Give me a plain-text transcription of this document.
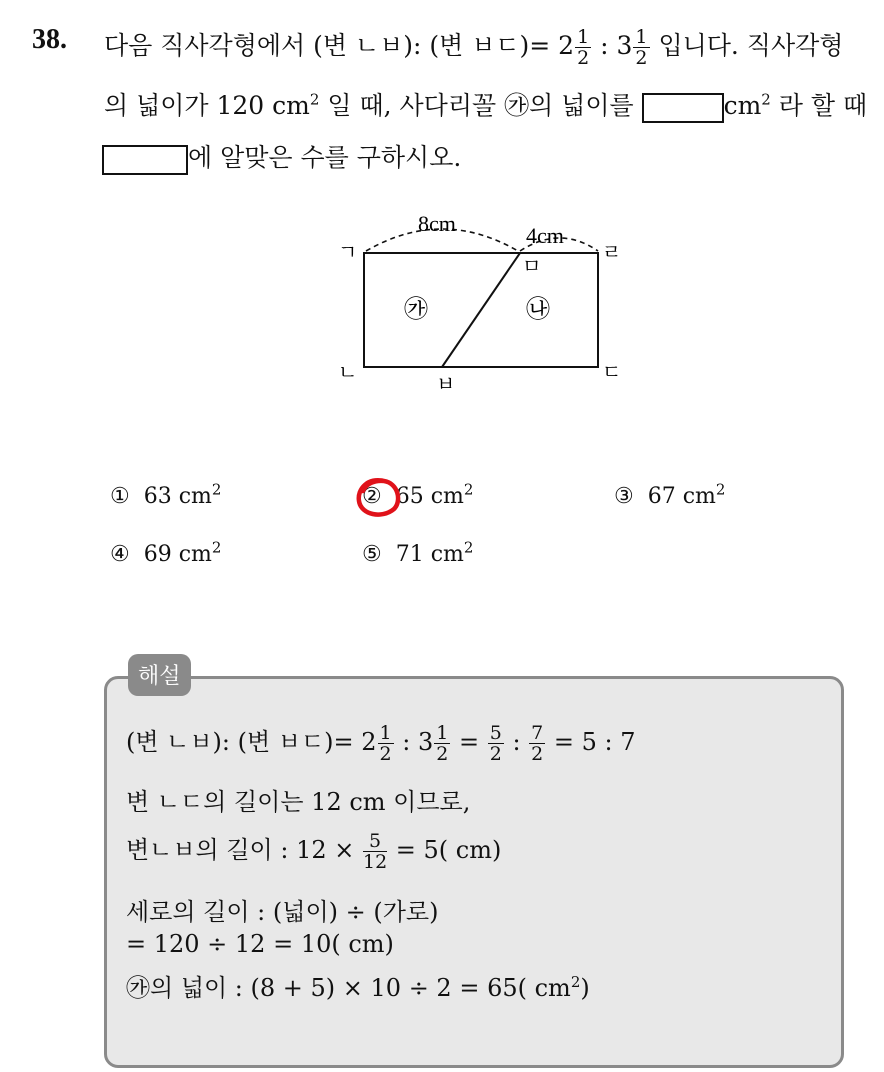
38. 다음 직사각형에서 (변 ㄴㅂ): (변 ㅂㄷ)= $2 \frac{1}{2}$ : $3 \frac{1}{2}$ 입니다. 직사각형
의 넓이가 120 $cm^2$ 일 때, 사다리꼴 ㉮의 넓이를	$cm^2$ 라 할 때
에 알맞은 수를 구하시오.
8cm	4cm
ㄱ	ㄹ
ㄴ	ㄷ
ㅁ
ㅂ
㉮	㉯
① 63 $cm^2$	② 65 $cm^2$	③ 67 $cm^2$
④ 69 $cm^2$	⑤ 71 $cm^2$
해설
(변 ㄴㅂ): (변 ㅂㄷ)= $2 \frac{1}{2}$ : $3 \frac{1}{2} = \frac{5}{2}$ : $\frac{7}{2} = 5$ : 7
변 ㄴㄷ의 길이는 12 cm 이므로,
변ㄴㅂ의 길이 : $12 \times \frac{5}{12} = 5$( cm)
세로의 길이 : (넓이) ÷ (가로)
= 120 ÷ 12 = 10( cm)
㉮의 넓이 : (8 + 5) × 10 ÷ 2 = 65( $cm^2$)
